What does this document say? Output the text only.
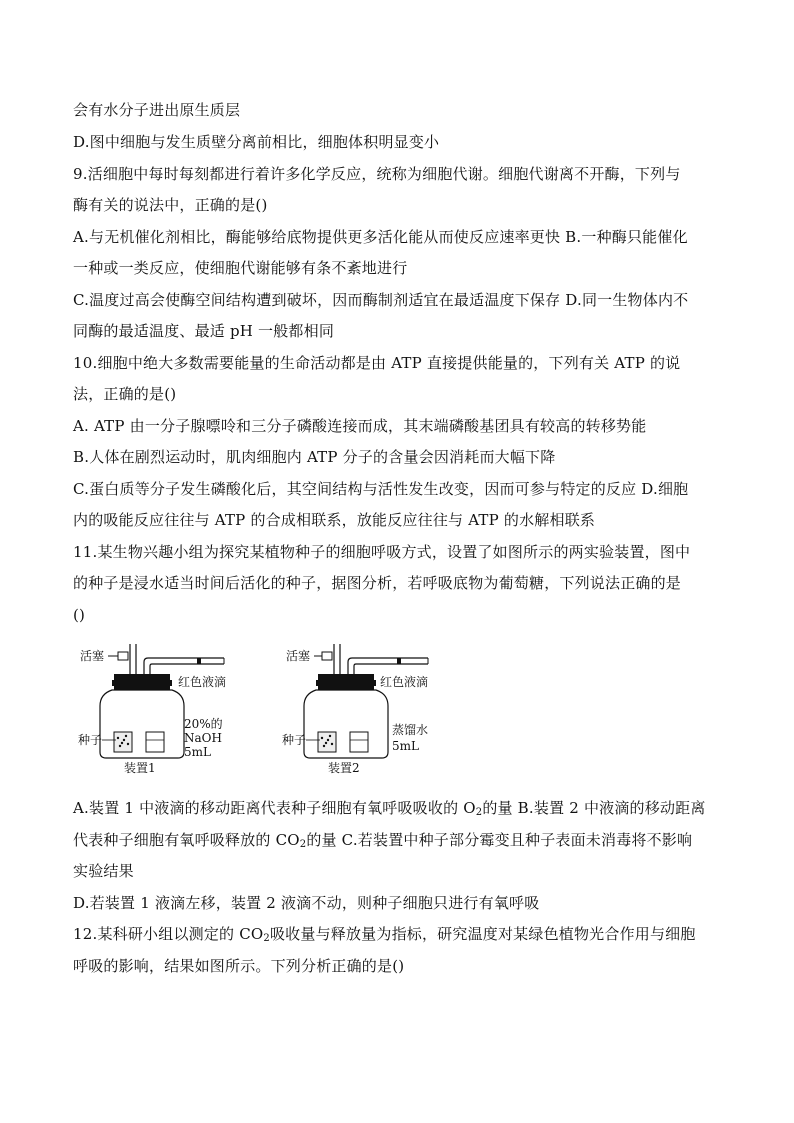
会有水分子进出原生质层
D.图中细胞与发生质壁分离前相比，细胞体积明显变小
9.活细胞中每时每刻都进行着许多化学反应，统称为细胞代谢。细胞代谢离不开酶，下列与
酶有关的说法中，正确的是()
A.与无机催化剂相比，酶能够给底物提供更多活化能从而使反应速率更快 B.一种酶只能催化
一种或一类反应，使细胞代谢能够有条不紊地进行
C.温度过高会使酶空间结构遭到破坏，因而酶制剂适宜在最适温度下保存 D.同一生物体内不
同酶的最适温度、最适 pH 一般都相同
10.细胞中绝大多数需要能量的生命活动都是由 ATP 直接提供能量的，下列有关 ATP 的说
法，正确的是()
A. ATP 由一分子腺嘌呤和三分子磷酸连接而成，其末端磷酸基团具有较高的转移势能
B.人体在剧烈运动时，肌肉细胞内 ATP 分子的含量会因消耗而大幅下降
C.蛋白质等分子发生磷酸化后，其空间结构与活性发生改变，因而可参与特定的反应 D.细胞
内的吸能反应往往与 ATP 的合成相联系，放能反应往往与 ATP 的水解相联系
11.某生物兴趣小组为探究某植物种子的细胞呼吸方式，设置了如图所示的两实验装置，图中
的种子是浸水适当时间后活化的种子，据图分析，若呼吸底物为葡萄糖，下列说法正确的是
()
活塞
红色液滴
种子
20%的
NaOH
5mL
装置1
活塞
红色液滴
种子
蒸馏水
5mL
装置2
A.装置 1 中液滴的移动距离代表种子细胞有氧呼吸吸收的 $O_2$的量 B.装置 2 中液滴的移动距离
代表种子细胞有氧呼吸释放的 $CO_2$的量 C.若装置中种子部分霉变且种子表面未消毒将不影响
实验结果
D.若装置 1 液滴左移，装置 2 液滴不动，则种子细胞只进行有氧呼吸
12.某科研小组以测定的 $CO_2$吸收量与释放量为指标，研究温度对某绿色植物光合作用与细胞
呼吸的影响，结果如图所示。下列分析正确的是()
